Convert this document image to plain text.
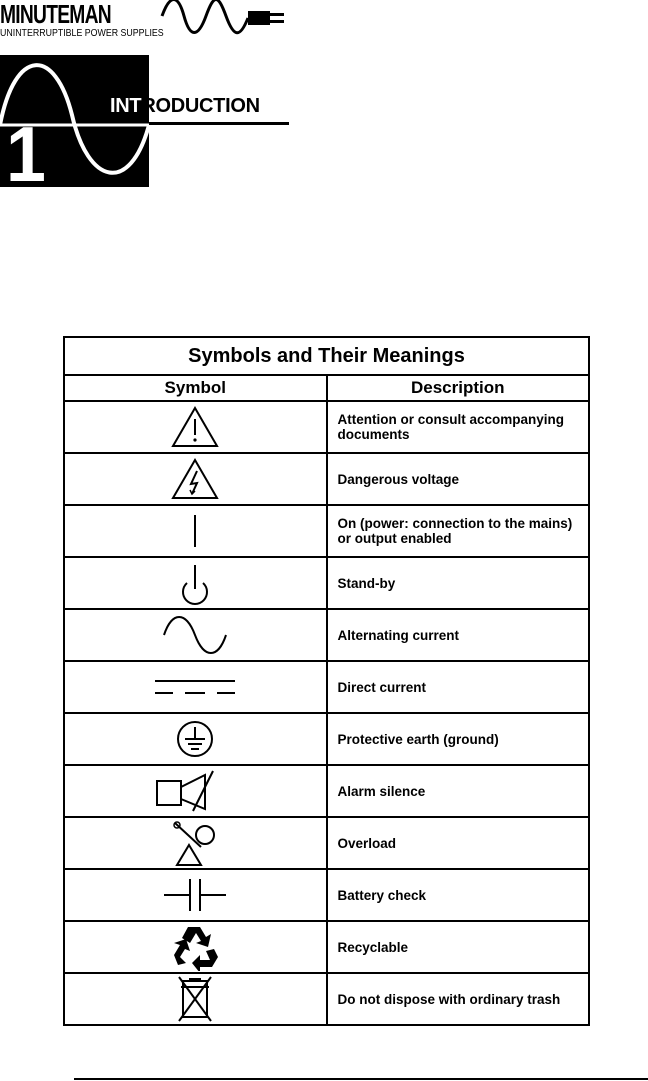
MINUTEMAN
UNINTERRUPTIBLE POWER SUPPLIES
1
INTRODUCTION
Symbols and Their Meanings	
Symbol	Description

	Attention or consult accompanying documents

	Dangerous voltage

	On (power: connection to the mains) or output enabled

	Stand-by

	Alternating current

	Direct current

	Protective earth (ground)

	Alarm silence

	Overload

	Battery check

	Recyclable

	Do not dispose with ordinary trash
